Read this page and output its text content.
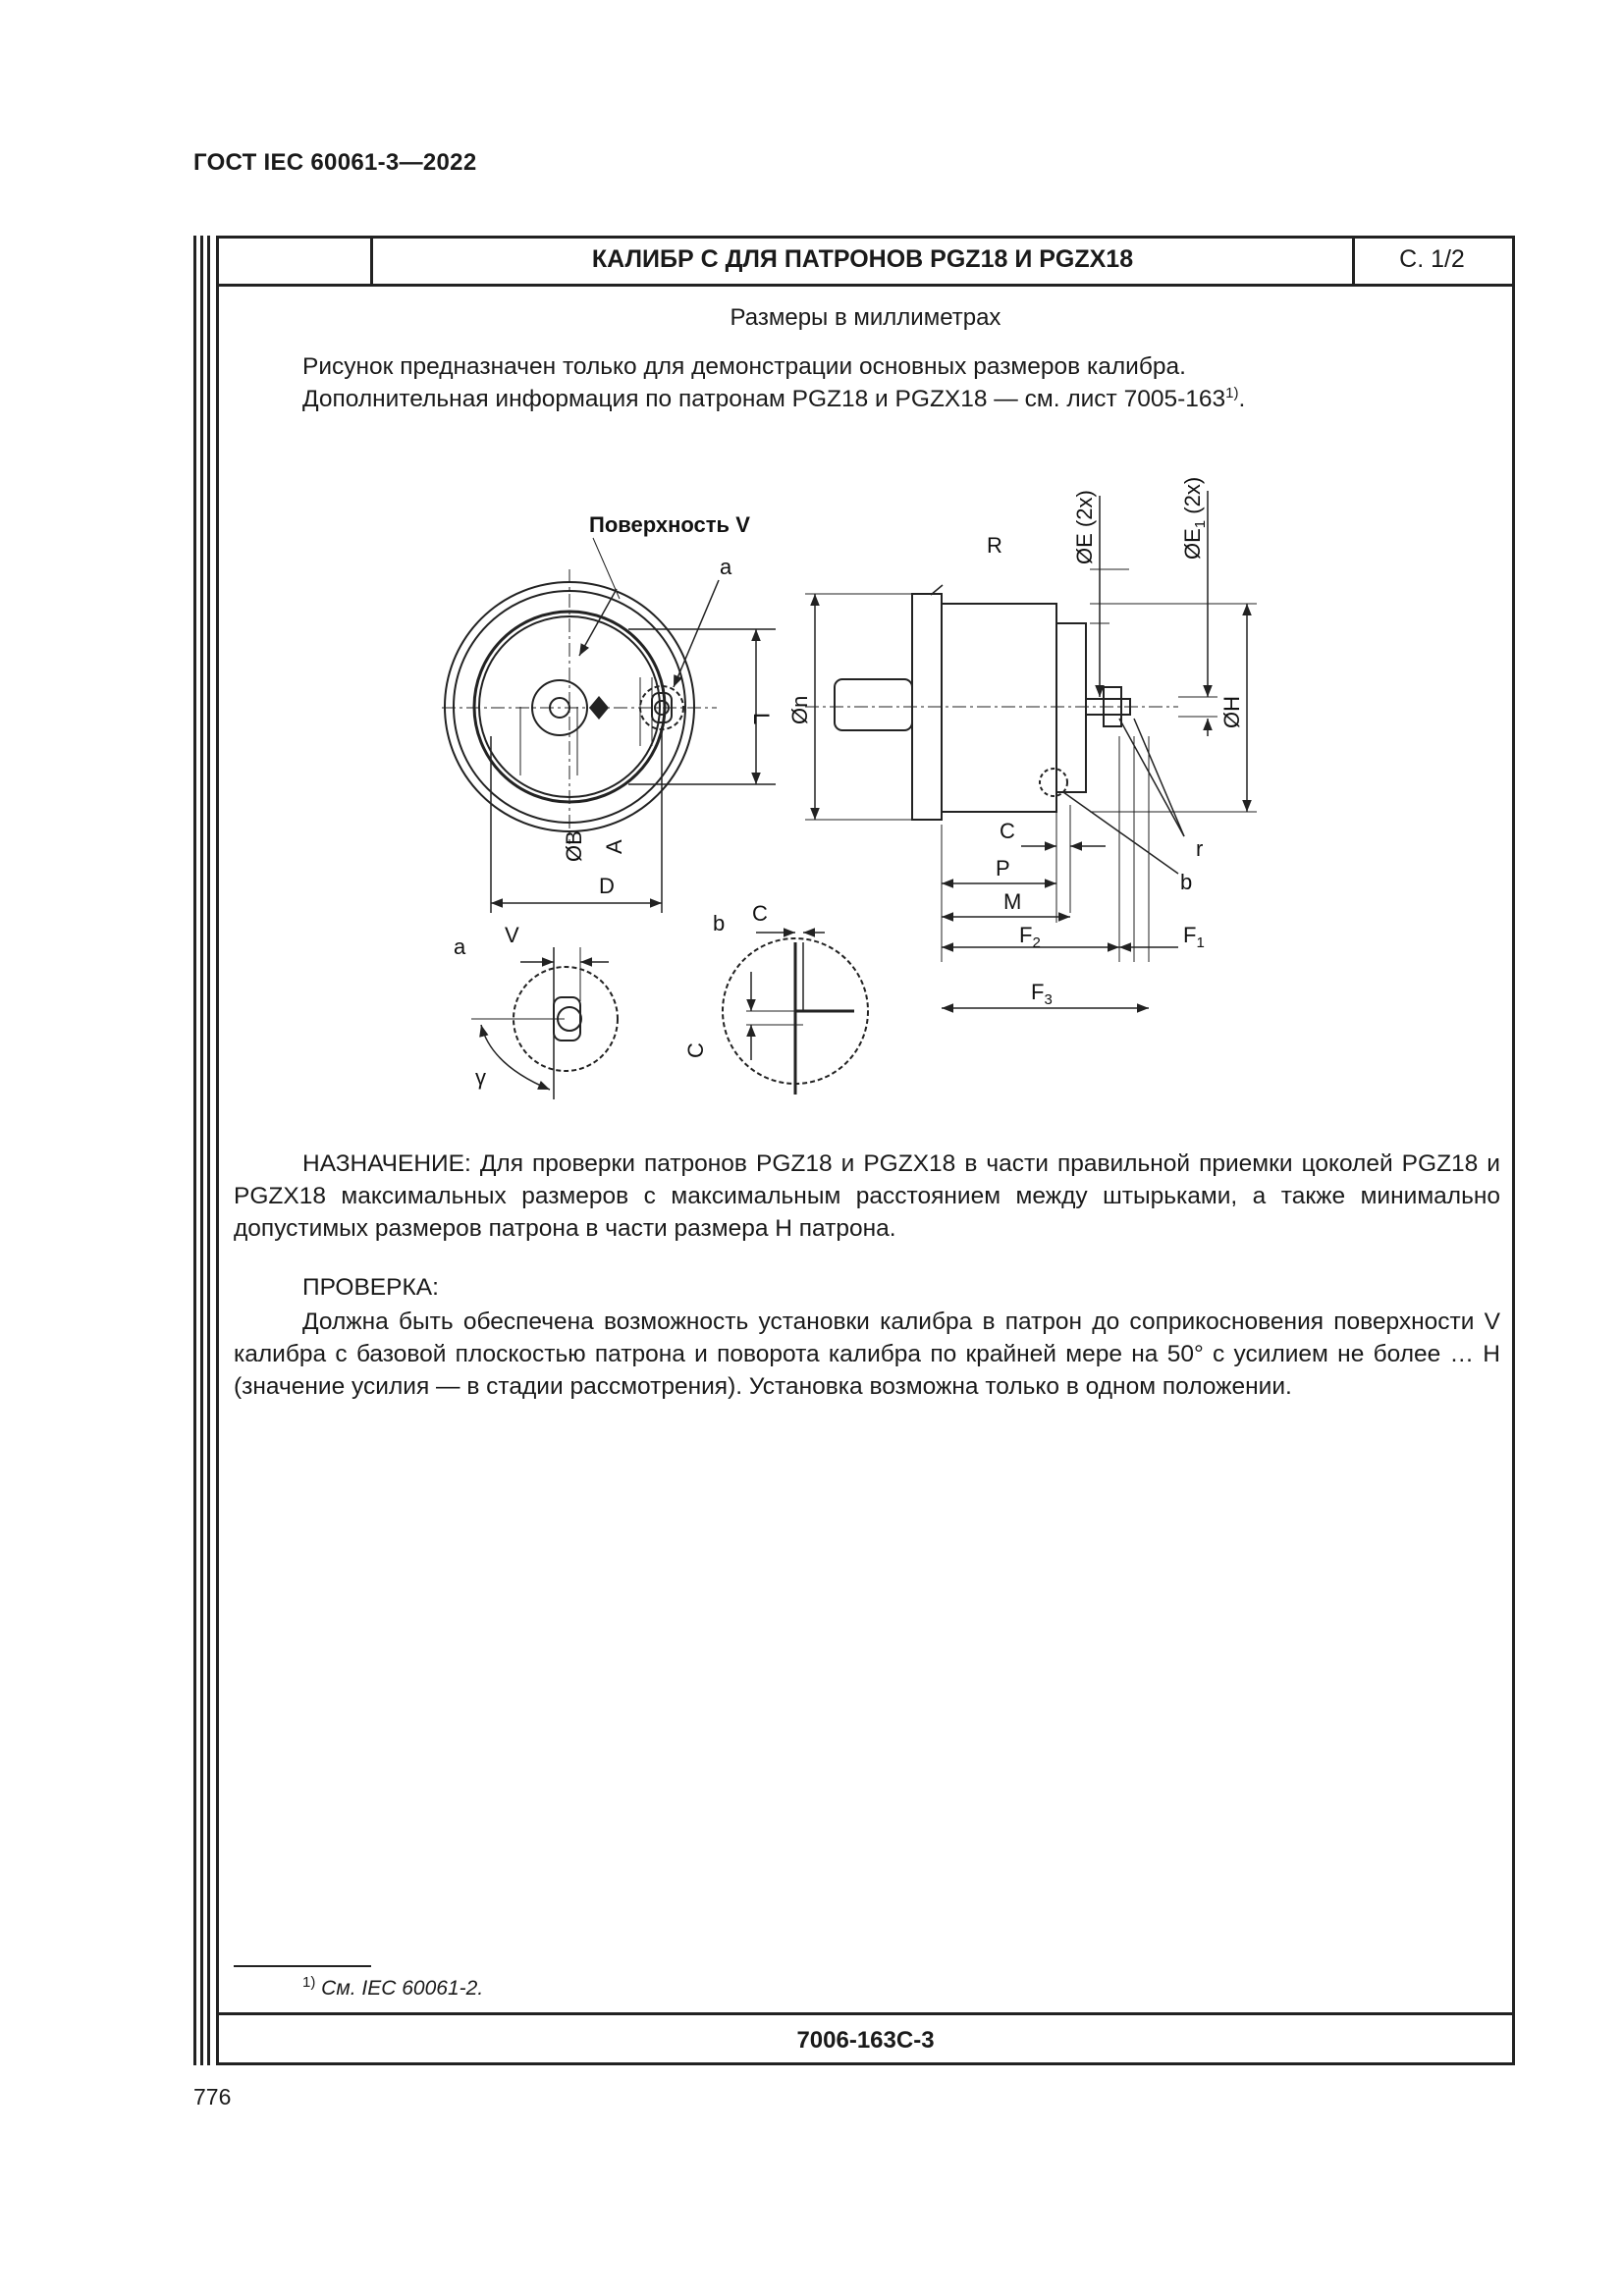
ГОСТ IEC 60061-3—2022
КАЛИБР С ДЛЯ ПАТРОНОВ PGZ18 И PGZX18	С. 1/2
Размеры в миллиметрах
Рисунок предназначен только для демонстрации основных размеров калибра.
Дополнительная информация по патронам PGZ18 и PGZX18 — см. лист 7005-163$^{1)}$.
Поверхность V
a
R
L
ØB A
D
Øn
ØE (2x)	$ØE_1$ (2x)
ØH
C
P
M
$F_2$	$F_1$
$F_3$
r
b
a V
γ
b C
C
НАЗНАЧЕНИЕ: Для проверки патронов PGZ18 и PGZX18 в части правильной приемки цоколей PGZ18 и PGZX18 максимальных размеров с максимальным расстоянием между штырьками, а также минимально допустимых размеров патрона в части размера H патрона.
ПРОВЕРКА:
Должна быть обеспечена возможность установки калибра в патрон до соприкосновения поверхности V калибра с базовой плоскостью патрона и поворота калибра по крайней мере на 50° с усилием не более … Н (значение усилия — в стадии рассмотрения). Установка возможна только в одном положении.
$^{1)}$ См. IEC 60061-2.
7006-163C-3
776
